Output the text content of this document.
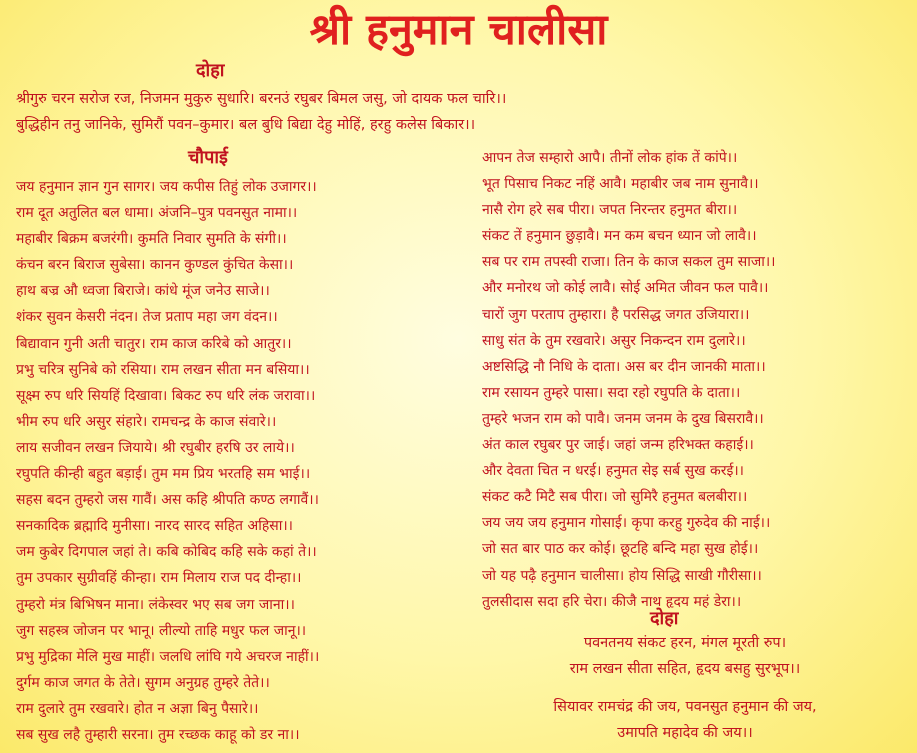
श्री हनुमान चालीसा
दोहा
श्रीगुरु चरन सरोज रज, निजमन मुकुरु सुधारि। बरनउं रघुबर बिमल जसु, जो दायक फल चारि।।
बुद्धिहीन तनु जानिके, सुमिरौं पवन–कुमार। बल बुधि बिद्या देहु मोहिं, हरहु कलेस बिकार।।
चौपाई
जय हनुमान ज्ञान गुन सागर। जय कपीस तिहुं लोक उजागर।।
राम दूत अतुलित बल धामा। अंजनि–पुत्र पवनसुत नामा।।
महाबीर बिक्रम बजरंगी। कुमति निवार सुमति के संगी।।
कंचन बरन बिराज सुबेसा। कानन कुण्डल कुंचित केसा।।
हाथ बज्र औ ध्वजा बिराजे। कांधे मूंज जनेउ साजे।।
शंकर सुवन केसरी नंदन। तेज प्रताप महा जग वंदन।।
बिद्यावान गुनी अती चातुर। राम काज करिबे को आतुर।।
प्रभु चरित्र सुनिबे को रसिया। राम लखन सीता मन बसिया।।
सूक्ष्म रुप धरि सियहिं दिखावा। बिकट रुप धरि लंक जरावा।।
भीम रुप धरि असुर संहारे। रामचन्द्र के काज संवारे।।
लाय सजीवन लखन जियाये। श्री रघुबीर हरषि उर लाये।।
रघुपति कीन्ही बहुत बड़ाई। तुम मम प्रिय भरतहि सम भाई।।
सहस बदन तुम्हरो जस गावैं। अस कहि श्रीपति कण्ठ लगावैं।।
सनकादिक ब्रह्मादि मुनीसा। नारद सारद सहित अहिसा।।
जम कुबेर दिगपाल जहां ते। कबि कोबिद कहि सके कहां ते।।
तुम उपकार सुग्रीवहिं कीन्हा। राम मिलाय राज पद दीन्हा।।
तुम्हरो मंत्र बिभिषन माना। लंकेस्वर भए सब जग जाना।।
जुग सहस्त्र जोजन पर भानू। लील्यो ताहि मधुर फल जानू।।
प्रभु मुद्रिका मेलि मुख माहीं। जलधि लांघि गये अचरज नाहीं।।
दुर्गम काज जगत के तेते। सुगम अनुग्रह तुम्हरे तेते।।
राम दुलारे तुम रखवारे। होत न अज्ञा बिनु पैसारे।।
सब सुख लहै तुम्हारी सरना। तुम रच्छक काहू को डर ना।।
आपन तेज सम्हारो आपै। तीनों लोक हांक तें कांपे।।
भूत पिसाच निकट नहिं आवै। महाबीर जब नाम सुनावै।।
नासै रोग हरे सब पीरा। जपत निरन्तर हनुमत बीरा।।
संकट तें हनुमान छुड़ावै। मन कम बचन ध्यान जो लावै।।
सब पर राम तपस्वी राजा। तिन के काज सकल तुम साजा।।
और मनोरथ जो कोई लावै। सोई अमित जीवन फल पावै।।
चारों जुग परताप तुम्हारा। है परसिद्ध जगत उजियारा।।
साधु संत के तुम रखवारे। असुर निकन्दन राम दुलारे।।
अष्टसिद्धि नौ निधि के दाता। अस बर दीन जानकी माता।।
राम रसायन तुम्हरे पासा। सदा रहो रघुपति के दाता।।
तुम्हरे भजन राम को पावै। जनम जनम के दुख बिसरावै।।
अंत काल रघुबर पुर जाई। जहां जन्म हरिभक्त कहाई।।
और देवता चित न धरई। हनुमत सेइ सर्ब सुख करई।।
संकट कटै मिटै सब पीरा। जो सुमिरै हनुमत बलबीरा।।
जय जय जय हनुमान गोसाई। कृपा करहु गुरुदेव की नाई।।
जो सत बार पाठ कर कोई। छूटहि बन्दि महा सुख होई।।
जो यह पढ़ै हनुमान चालीसा। होय सिद्धि साखी गौरीसा।।
तुलसीदास सदा हरि चेरा। कीजै नाथ हृदय महं डेरा।।
दोहा
पवनतनय संकट हरन, मंगल मूरती रुप।
राम लखन सीता सहित, हृदय बसहु सुरभूप।।
सियावर रामचंद्र की जय, पवनसुत हनुमान की जय,
उमापति महादेव की जय।।
